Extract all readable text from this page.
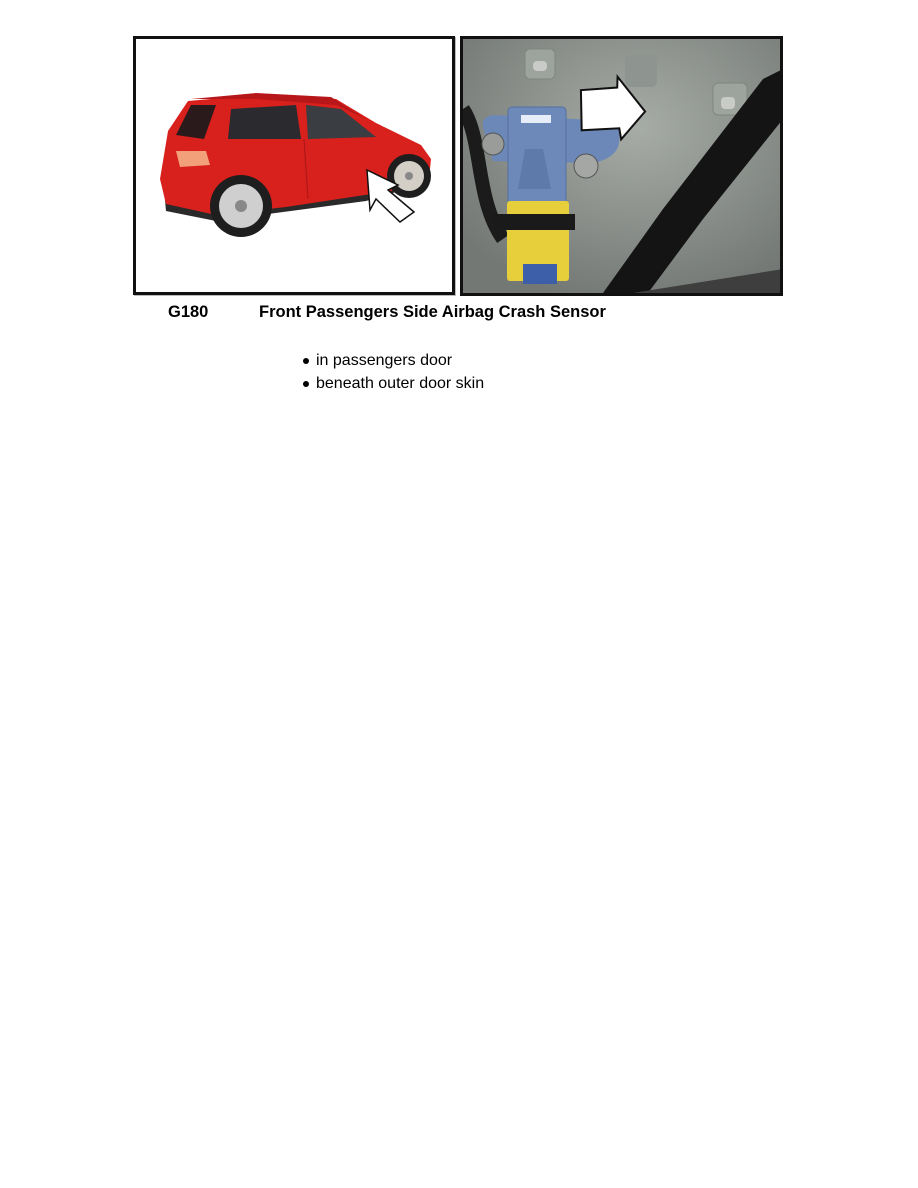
G180	Front Passengers Side Airbag Crash Sensor
in passengers door
beneath outer door skin
